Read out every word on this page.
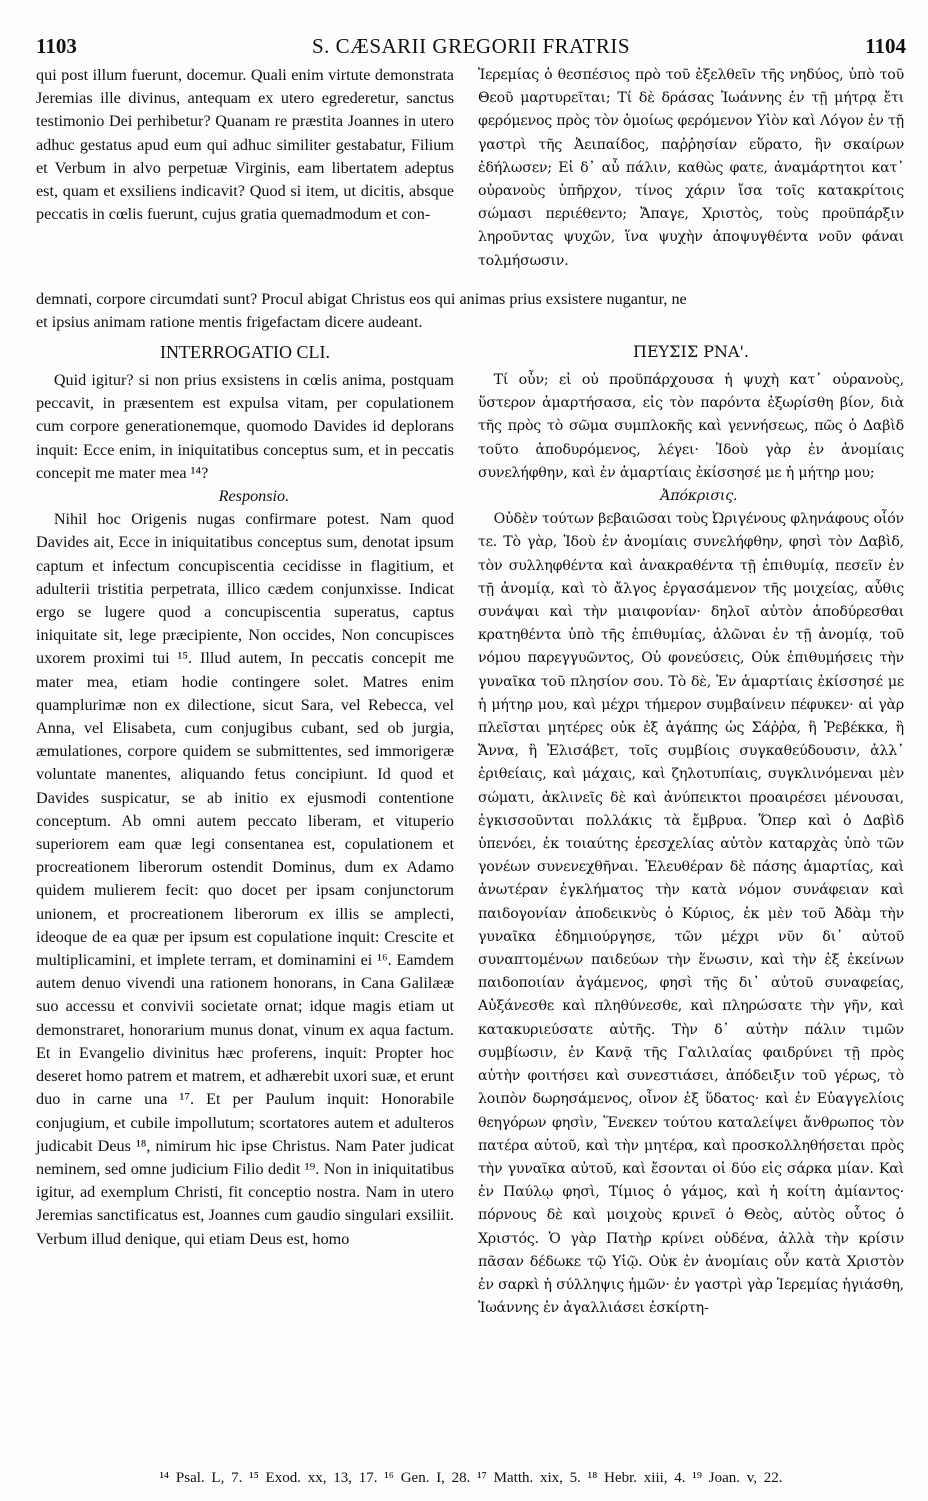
1103	S. CÆSARII GREGORII FRATRIS	1104

qui post illum fuerunt, docemur. Quali enim virtute demonstrata Jeremias ille divinus, antequam ex utero egrederetur, sanctus testimonio Dei perhibetur? Quanam re præstita Joannes in utero adhuc gestatus apud eum qui adhuc similiter gestabatur, Filium et Verbum in alvo perpetuæ Virginis, eam libertatem adeptus est, quam et exsiliens indicavit? Quod si item, ut dicitis, absque peccatis in cœlis fuerunt, cujus gratia quemadmodum et con-

Ἱερεμίας ὁ θεσπέσιος πρὸ τοῦ ἐξελθεῖν τῆς νηδύος, ὑπὸ τοῦ Θεοῦ μαρτυρεῖται; Τί δὲ δράσας Ἰωάννης ἐν τῇ μήτρᾳ ἔτι φερόμενος πρὸς τὸν ὁμοίως φερόμενον Υἱὸν καὶ Λόγον ἐν τῇ γαστρὶ τῆς Ἀειπαίδος, παῤῥησίαν εὕρατο, ἣν σκαίρων ἐδήλωσεν; Εἰ δ᾽ αὖ πάλιν, καθὼς φατε, ἀναμάρτητοι κατ᾽ οὐρανοὺς ὑπῆρχον, τίνος χάριν ἴσα τοῖς κατακρίτοις σώμασι περιέθεντο; Ἄπαγε, Χριστὸς, τοὺς προϋπάρξιν ληροῦντας ψυχῶν, ἵνα ψυχὴν ἀποψυγθέντα νοῦν φάναι τολμήσωσιν.

demnati, corpore circumdati sunt? Procul abigat Christus eos qui animas prius exsistere nugantur, ne
et ipsius animam ratione mentis frigefactam dicere audeant.
INTERROGATIO CLI.	ΠΕΥΣΙΣ ΡΝΑ'.

Quid igitur? si non prius exsistens in cœlis anima, postquam peccavit, in præsentem est expulsa vitam, per copulationem cum corpore generationemque, quomodo Davides id deplorans inquit: Ecce enim, in iniquitatibus conceptus sum, et in peccatis concepit me mater mea ¹⁴?

Responsio.

Nihil hoc Origenis nugas confirmare potest. Nam quod Davides ait, Ecce in iniquitatibus conceptus sum, denotat ipsum captum et infectum concupiscentia cecidisse in flagitium, et adulterii tristitia perpetrata, illico cædem conjunxisse. Indicat ergo se lugere quod a concupiscentia superatus, captus iniquitate sit, lege præcipiente, Non occides, Non concupisces uxorem proximi tui ¹⁵. Illud autem, In peccatis concepit me mater mea, etiam hodie contingere solet. Matres enim quamplurimæ non ex dilectione, sicut Sara, vel Rebecca, vel Anna, vel Elisabeta, cum conjugibus cubant, sed ob jurgia, æmulationes, corpore quidem se submittentes, sed immorigeræ voluntate manentes, aliquando fetus concipiunt. Id quod et Davides suspicatur, se ab initio ex ejusmodi contentione conceptum. Ab omni autem peccato liberam, et vituperio superiorem eam quæ legi consentanea est, copulationem et procreationem liberorum ostendit Dominus, dum ex Adamo quidem mulierem fecit: quo docet per ipsam conjunctorum unionem, et procreationem liberorum ex illis se amplecti, ideoque de ea quæ per ipsum est copulatione inquit: Crescite et multiplicamini, et implete terram, et dominamini ei ¹⁶. Eamdem autem denuo vivendi una rationem honorans, in Cana Galilææ suo accessu et convivii societate ornat; idque magis etiam ut demonstraret, honorarium munus donat, vinum ex aqua factum. Et in Evangelio divinitus hæc proferens, inquit: Propter hoc deseret homo patrem et matrem, et adhærebit uxori suæ, et erunt duo in carne una ¹⁷. Et per Paulum inquit: Honorabile conjugium, et cubile impollutum; scortatores autem et adulteros judicabit Deus ¹⁸, nimirum hic ipse Christus. Nam Pater judicat neminem, sed omne judicium Filio dedit ¹⁹. Non in iniquitatibus igitur, ad exemplum Christi, fit conceptio nostra. Nam in utero Jeremias sanctificatus est, Joannes cum gaudio singulari exsiliit. Verbum illud denique, qui etiam Deus est, homo

Τί οὖν; εἰ οὐ προϋπάρχουσα ἡ ψυχὴ κατ᾽ οὐρανοὺς, ὕστερον ἁμαρτήσασα, εἰς τὸν παρόντα ἐξωρίσθη βίον, διὰ τῆς πρὸς τὸ σῶμα συμπλοκῆς καὶ γεννήσεως, πῶς ὁ Δαβὶδ τοῦτο ἀποδυρόμενος, λέγει· Ἰδοὺ γὰρ ἐν ἀνομίαις συνελήφθην, καὶ ἐν ἁμαρτίαις ἐκίσσησέ με ἡ μήτηρ μου;

Ἀπόκρισις.

Οὐδὲν τούτων βεβαιῶσαι τοὺς Ὠριγένους φληνάφους οἷόν τε. Τὸ γὰρ, Ἰδοὺ ἐν ἀνομίαις συνελήφθην, φησὶ τὸν Δαβὶδ, τὸν συλληφθέντα καὶ ἀνακραθέντα τῇ ἐπιθυμίᾳ, πεσεῖν ἐν τῇ ἀνομίᾳ, καὶ τὸ ἄλγος ἐργασάμενον τῆς μοιχείας, αὖθις συνάψαι καὶ τὴν μιαιφονίαν· δηλοῖ αὐτὸν ἀποδύρεσθαι κρατηθέντα ὑπὸ τῆς ἐπιθυμίας, ἁλῶναι ἐν τῇ ἀνομίᾳ, τοῦ νόμου παρεγγυῶντος, Οὐ φονεύσεις, Οὐκ ἐπιθυμήσεις τὴν γυναῖκα τοῦ πλησίον σου. Τὸ δὲ, Ἐν ἁμαρτίαις ἐκίσσησέ με ἡ μήτηρ μου, καὶ μέχρι τήμερον συμβαίνειν πέφυκεν· αἱ γὰρ πλεῖσται μητέρες οὐκ ἐξ ἀγάπης ὡς Σάῤῥα, ἢ Ῥεβέκκα, ἢ Ἄννα, ἢ Ἐλισάβετ, τοῖς συμβίοις συγκαθεύδουσιν, ἀλλ᾽ ἐριθείαις, καὶ μάχαις, καὶ ζηλοτυπίαις, συγκλινόμεναι μὲν σώματι, ἀκλινεῖς δὲ καὶ ἀνύπεικτοι προαιρέσει μένουσαι, ἐγκισσοῦνται πολλάκις τὰ ἔμβρυα. Ὅπερ καὶ ὁ Δαβὶδ ὑπενόει, ἐκ τοιαύτης ἐρεσχελίας αὐτὸν καταρχὰς ὑπὸ τῶν γονέων συνενεχθῆναι. Ἐλευθέραν δὲ πάσης ἁμαρτίας, καὶ ἀνωτέραν ἐγκλήματος τὴν κατὰ νόμον συνάφειαν καὶ παιδογονίαν ἀποδεικνὺς ὁ Κύριος, ἐκ μὲν τοῦ Ἀδὰμ τὴν γυναῖκα ἐδημιούργησε, τῶν μέχρι νῦν δι᾽ αὐτοῦ συναπτομένων παιδεύων τὴν ἕνωσιν, καὶ τὴν ἐξ ἐκείνων παιδοποιίαν ἀγάμενος, φησὶ τῆς δι᾽ αὐτοῦ συναφείας, Αὐξάνεσθε καὶ πληθύνεσθε, καὶ πληρώσατε τὴν γῆν, καὶ κατακυριεύσατε αὐτῆς. Τὴν δ᾽ αὐτὴν πάλιν τιμῶν συμβίωσιν, ἐν Κανᾷ τῆς Γαλιλαίας φαιδρύνει τῇ πρὸς αὐτὴν φοιτήσει καὶ συνεστιάσει, ἀπόδειξιν τοῦ γέρως, τὸ λοιπὸν δωρησάμενος, οἶνον ἐξ ὕδατος· καὶ ἐν Εὐαγγελίοις θεηγόρων φησὶν, Ἕνεκεν τούτου καταλείψει ἄνθρωπος τὸν πατέρα αὐτοῦ, καὶ τὴν μητέρα, καὶ προσκολληθήσεται πρὸς τὴν γυναῖκα αὐτοῦ, καὶ ἔσονται οἱ δύο εἰς σάρκα μίαν. Καὶ ἐν Παύλῳ φησὶ, Τίμιος ὁ γάμος, καὶ ἡ κοίτη ἀμίαντος· πόρνους δὲ καὶ μοιχοὺς κρινεῖ ὁ Θεὸς, αὐτὸς οὗτος ὁ Χριστός. Ὁ γὰρ Πατὴρ κρίνει οὐδένα, ἀλλὰ τὴν κρίσιν πᾶσαν δέδωκε τῷ Υἱῷ. Οὐκ ἐν ἀνομίαις οὖν κατὰ Χριστὸν ἐν σαρκὶ ἡ σύλληψις ἡμῶν· ἐν γαστρὶ γὰρ Ἱερεμίας ἡγιάσθη, Ἰωάννης ἐν ἀγαλλιάσει ἐσκίρτη-

¹⁴ Psal. L, 7. ¹⁵ Exod. xx, 13, 17. ¹⁶ Gen. I, 28. ¹⁷ Matth. xix, 5. ¹⁸ Hebr. xiii, 4. ¹⁹ Joan. v, 22.
